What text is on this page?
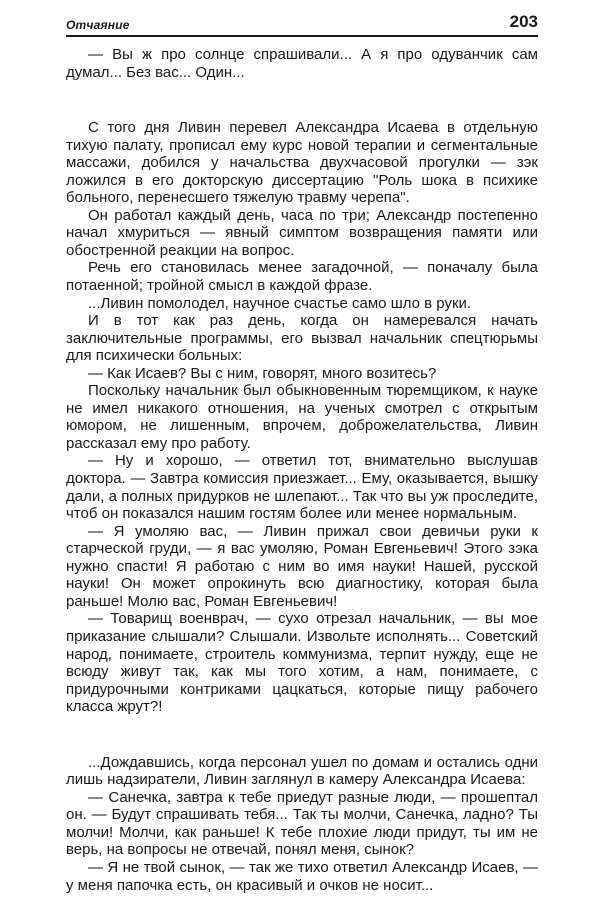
Отчаяние	203

— Вы ж про солнце спрашивали... А я про одуванчик сам думал... Без вас... Один...

С того дня Ливин перевел Александра Исаева в отдельную тихую палату, прописал ему курс новой терапии и сегментальные массажи, добился у начальства двухчасовой прогулки — зэк ложился в его докторскую диссертацию "Роль шока в психике больного, перенесшего тяжелую травму черепа".

Он работал каждый день, часа по три; Александр постепенно начал хмуриться — явный симптом возвращения памяти или обостренной реакции на вопрос.

Речь его становилась менее загадочной, — поначалу была потаенной; тройной смысл в каждой фразе.

...Ливин помолодел, научное счастье само шло в руки.

И в тот как раз день, когда он намеревался начать заключительные программы, его вызвал начальник спецтюрьмы для психически больных:

— Как Исаев? Вы с ним, говорят, много возитесь?

Поскольку начальник был обыкновенным тюремщиком, к науке не имел никакого отношения, на ученых смотрел с открытым юмором, не лишенным, впрочем, доброжелательства, Ливин рассказал ему про работу.

— Ну и хорошо, — ответил тот, внимательно выслушав доктора. — Завтра комиссия приезжает... Ему, оказывается, вышку дали, а полных придурков не шлепают... Так что вы уж проследите, чтоб он показался нашим гостям более или менее нормальным.

— Я умоляю вас, — Ливин прижал свои девичьи руки к старческой груди, — я вас умоляю, Роман Евгеньевич! Этого зэка нужно спасти! Я работаю с ним во имя науки! Нашей, русской науки! Он может опрокинуть всю диагностику, которая была раньше! Молю вас, Роман Евгеньевич!

— Товарищ военврач, — сухо отрезал начальник, — вы мое приказание слышали? Слышали. Извольте исполнять... Советский народ, понимаете, строитель коммунизма, терпит нужду, еще не всюду живут так, как мы того хотим, а нам, понимаете, с придурочными контриками цацкаться, которые пищу рабочего класса жрут?!

...Дождавшись, когда персонал ушел по домам и остались одни лишь надзиратели, Ливин заглянул в камеру Александра Исаева:

— Санечка, завтра к тебе приедут разные люди, — прошептал он. — Будут спрашивать тебя... Так ты молчи, Санечка, ладно? Ты молчи! Молчи, как раньше! К тебе плохие люди придут, ты им не верь, на вопросы не отвечай, понял меня, сынок?

— Я не твой сынок, — так же тихо ответил Александр Исаев, — у меня папочка есть, он красивый и очков не носит...
